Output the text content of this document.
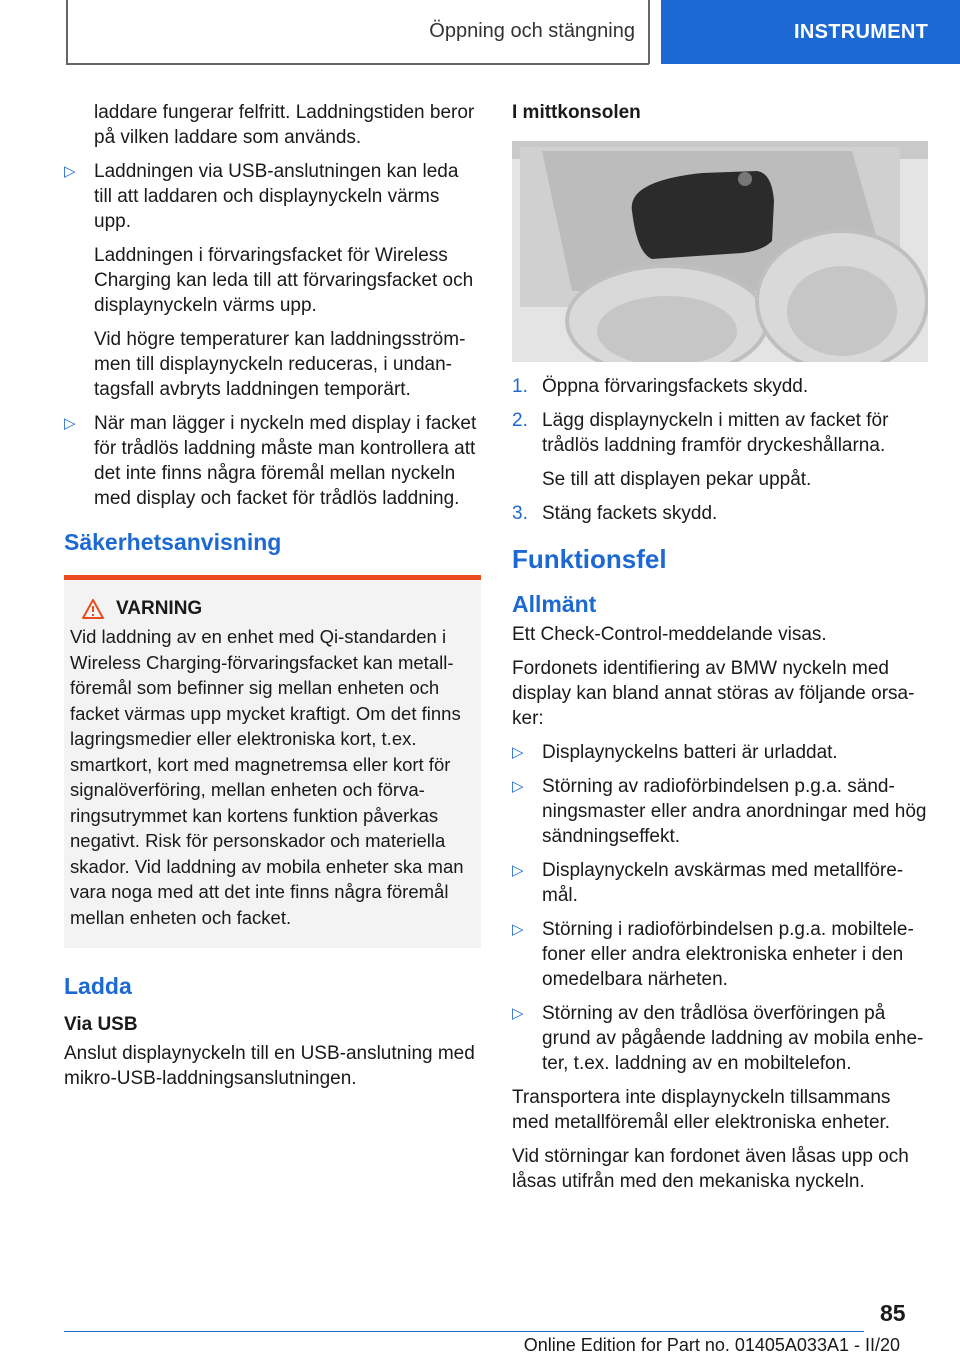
Öppning och stängning	INSTRUMENT

laddare fungerar felfritt. Laddningstiden beror på vilken laddare som används.

▷ Laddningen via USB-anslutningen kan leda till att laddaren och displaynyckeln värms upp.
Laddningen i förvaringsfacket för Wireless Charging kan leda till att förvaringsfacket och displaynyckeln värms upp.
Vid högre temperaturer kan laddningsström-men till displaynyckeln reduceras, i undan-tagsfall avbryts laddningen temporärt.
▷ När man lägger i nyckeln med display i facket för trådlös laddning måste man kontrollera att det inte finns några föremål mellan nyckeln med display och facket för trådlös laddning.
Säkerhetsanvisning
VARNING

Vid laddning av en enhet med Qi-standarden i Wireless Charging-förvaringsfacket kan metall-föremål som befinner sig mellan enheten och facket värmas upp mycket kraftigt. Om det finns lagringsmedier eller elektroniska kort, t.ex. smartkort, kort med magnetremsa eller kort för signalöverföring, mellan enheten och förva-ringsutrymmet kan kortens funktion påverkas negativt. Risk för personskador och materiella skador. Vid laddning av mobila enheter ska man vara noga med att det inte finns några föremål mellan enheten och facket.

Ladda
Via USB

Anslut displaynyckeln till en USB-anslutning med mikro-USB-laddningsanslutningen.

I mittkonsolen
1. Öppna förvaringsfackets skydd.
2. Lägg displaynyckeln i mitten av facket för trådlös laddning framför dryckeshållarna.
Se till att displayen pekar uppåt.
3. Stäng fackets skydd.
Funktionsfel
Allmänt

Ett Check-Control-meddelande visas.

Fordonets identifiering av BMW nyckeln med display kan bland annat störas av följande orsa-ker:

▷ Displaynyckelns batteri är urladdat.
▷ Störning av radioförbindelsen p.g.a. sänd-ningsmaster eller andra anordningar med hög sändningseffekt.
▷ Displaynyckeln avskärmas med metallföre-mål.
▷ Störning i radioförbindelsen p.g.a. mobiltele-foner eller andra elektroniska enheter i den omedelbara närheten.
▷ Störning av den trådlösa överföringen på grund av pågående laddning av mobila enhe-ter, t.ex. laddning av en mobiltelefon.

Transportera inte displaynyckeln tillsammans med metallföremål eller elektroniska enheter.

Vid störningar kan fordonet även låsas upp och låsas utifrån med den mekaniska nyckeln.

85
Online Edition for Part no. 01405A033A1 - II/20
